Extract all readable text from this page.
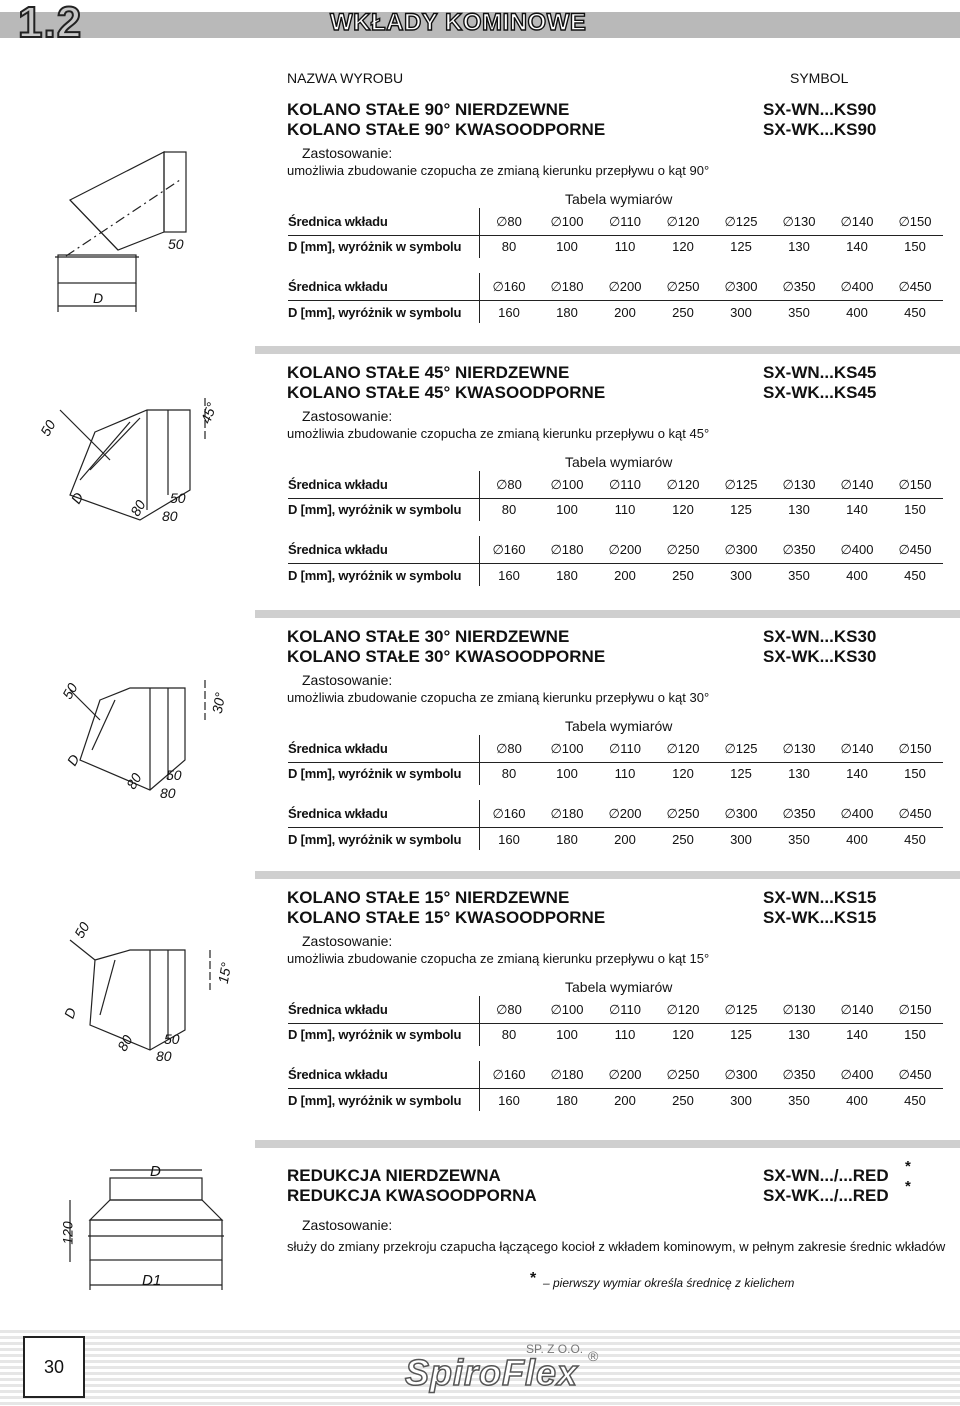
1.2	WKŁADY KOMINOWE
NAZWA WYROBU	SYMBOL
50
D
50
D	80 50
80
45°
50
D
80 50
80
30°
50
D
80 50
80
15°
D
120
D1
KOLANO STAŁE 90° NIERDZEWNE
KOLANO STAŁE 90° KWASOODPORNE
SX-WN...KS90
SX-WK...KS90
Zastosowanie:
umożliwia zbudowanie czopucha ze zmianą kierunku przepływu o kąt 90°
Tabela wymiarów
Średnica wkładu	∅80	∅100	∅110	∅120	∅125	∅130	∅140	∅150
D [mm], wyróżnik w symbolu	80	100	110	120	125	130	140	150
Średnica wkładu	∅160	∅180	∅200	∅250	∅300	∅350	∅400	∅450
D [mm], wyróżnik w symbolu	160	180	200	250	300	350	400	450
KOLANO STAŁE 45° NIERDZEWNE
KOLANO STAŁE 45° KWASOODPORNE
SX-WN...KS45
SX-WK...KS45
Zastosowanie:
umożliwia zbudowanie czopucha ze zmianą kierunku przepływu o kąt 45°
Tabela wymiarów
Średnica wkładu	∅80	∅100	∅110	∅120	∅125	∅130	∅140	∅150
D [mm], wyróżnik w symbolu	80	100	110	120	125	130	140	150
Średnica wkładu	∅160	∅180	∅200	∅250	∅300	∅350	∅400	∅450
D [mm], wyróżnik w symbolu	160	180	200	250	300	350	400	450
KOLANO STAŁE 30° NIERDZEWNE
KOLANO STAŁE 30° KWASOODPORNE
SX-WN...KS30
SX-WK...KS30
Zastosowanie:
umożliwia zbudowanie czopucha ze zmianą kierunku przepływu o kąt 30°
Tabela wymiarów
Średnica wkładu	∅80	∅100	∅110	∅120	∅125	∅130	∅140	∅150
D [mm], wyróżnik w symbolu	80	100	110	120	125	130	140	150
Średnica wkładu	∅160	∅180	∅200	∅250	∅300	∅350	∅400	∅450
D [mm], wyróżnik w symbolu	160	180	200	250	300	350	400	450
KOLANO STAŁE 15° NIERDZEWNE
KOLANO STAŁE 15° KWASOODPORNE
SX-WN...KS15
SX-WK...KS15
Zastosowanie:
umożliwia zbudowanie czopucha ze zmianą kierunku przepływu o kąt 15°
Tabela wymiarów
Średnica wkładu	∅80	∅100	∅110	∅120	∅125	∅130	∅140	∅150
D [mm], wyróżnik w symbolu	80	100	110	120	125	130	140	150
Średnica wkładu	∅160	∅180	∅200	∅250	∅300	∅350	∅400	∅450
D [mm], wyróżnik w symbolu	160	180	200	250	300	350	400	450
REDUKCJA NIERDZEWNA
REDUKCJA KWASOODPORNA
SX-WN.../...RED *
SX-WK.../...RED *
Zastosowanie:
służy do zmiany przekroju czapucha łączącego kocioł z wkładem kominowym, w pełnym zakresie średnic wkładów
* – pierwszy wymiar określa średnicę z kielichem
30	SpiroFlex
SP. Z O.O. ®
